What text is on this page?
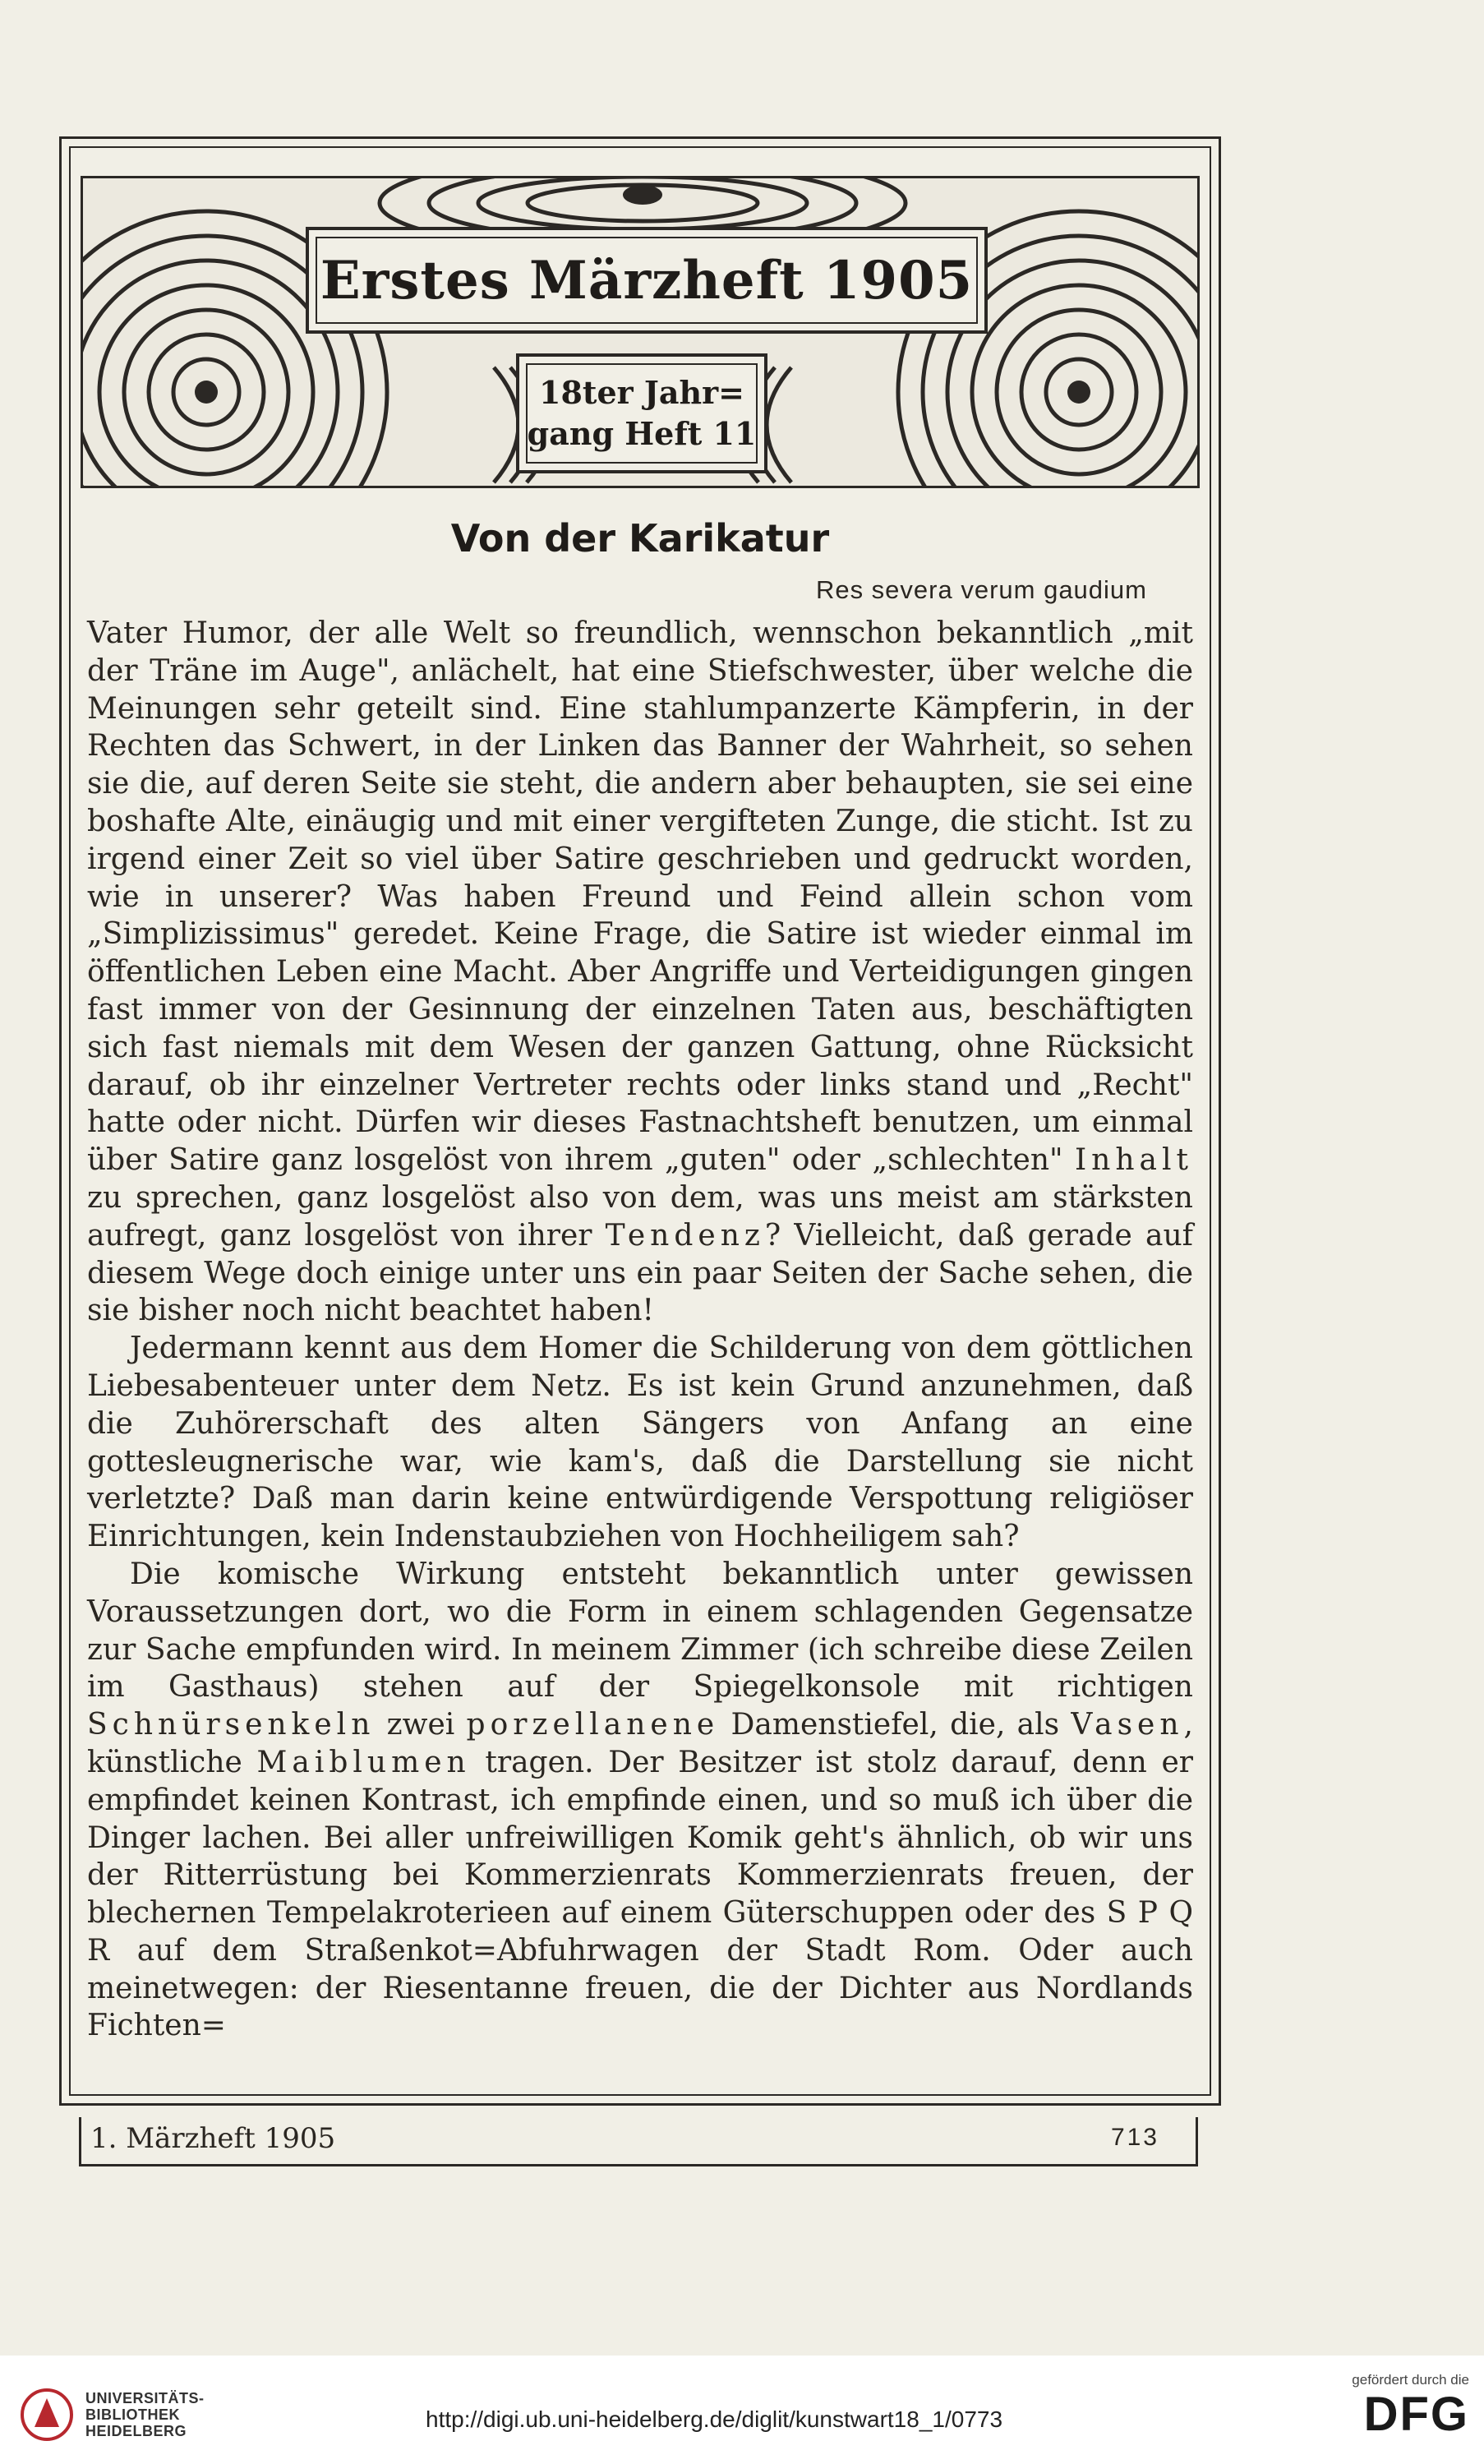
Erstes Märzheft 1905
18ter Jahr=
gang Heft 11
Von der Karikatur
Res severa verum gaudium

Vater Humor, der alle Welt so freundlich, wennschon bekanntlich „mit der Träne im Auge", anlächelt, hat eine Stiefschwester, über welche die Meinungen sehr geteilt sind. Eine stahlumpanzerte Kämpferin, in der Rechten das Schwert, in der Linken das Banner der Wahrheit, so sehen sie die, auf deren Seite sie steht, die andern aber behaupten, sie sei eine boshafte Alte, einäugig und mit einer vergifteten Zunge, die sticht. Ist zu irgend einer Zeit so viel über Satire geschrieben und gedruckt worden, wie in unserer? Was haben Freund und Feind allein schon vom „Simplizissimus" geredet. Keine Frage, die Satire ist wieder einmal im öffentlichen Leben eine Macht. Aber Angriffe und Verteidigungen gingen fast immer von der Gesinnung der einzelnen Taten aus, beschäftigten sich fast niemals mit dem Wesen der ganzen Gattung, ohne Rücksicht darauf, ob ihr einzelner Vertreter rechts oder links stand und „Recht" hatte oder nicht. Dürfen wir dieses Fastnachtsheft benutzen, um einmal über Satire ganz losgelöst von ihrem „guten" oder „schlechten" Inhalt zu sprechen, ganz losgelöst also von dem, was uns meist am stärksten aufregt, ganz losgelöst von ihrer Tendenz? Vielleicht, daß gerade auf diesem Wege doch einige unter uns ein paar Seiten der Sache sehen, die sie bisher noch nicht beachtet haben!

Jedermann kennt aus dem Homer die Schilderung von dem göttlichen Liebesabenteuer unter dem Netz. Es ist kein Grund anzunehmen, daß die Zuhörerschaft des alten Sängers von Anfang an eine gottesleugnerische war, wie kam's, daß die Darstellung sie nicht verletzte? Daß man darin keine entwürdigende Verspottung religiöser Einrichtungen, kein Indenstaubziehen von Hochheiligem sah?

Die komische Wirkung entsteht bekanntlich unter gewissen Voraussetzungen dort, wo die Form in einem schlagenden Gegensatze zur Sache empfunden wird. In meinem Zimmer (ich schreibe diese Zeilen im Gasthaus) stehen auf der Spiegelkonsole mit richtigen Schnürsenkeln zwei porzellanene Damenstiefel, die, als Vasen, künstliche Maiblumen tragen. Der Besitzer ist stolz darauf, denn er empfindet keinen Kontrast, ich empfinde einen, und so muß ich über die Dinger lachen. Bei aller unfreiwilligen Komik geht's ähnlich, ob wir uns der Ritterrüstung bei Kommerzienrats Kommerzienrats freuen, der blechernen Tempelakroterieen auf einem Güterschuppen oder des S P Q R auf dem Straßenkot=Abfuhrwagen der Stadt Rom. Oder auch meinetwegen: der Riesentanne freuen, die der Dichter aus Nordlands Fichten=

1. Märzheft 1905	713
UNIVERSITÄTS-
BIBLIOTHEK
HEIDELBERG	http://digi.ub.uni-heidelberg.de/diglit/kunstwart18_1/0773
gefördert durch die
DFG
